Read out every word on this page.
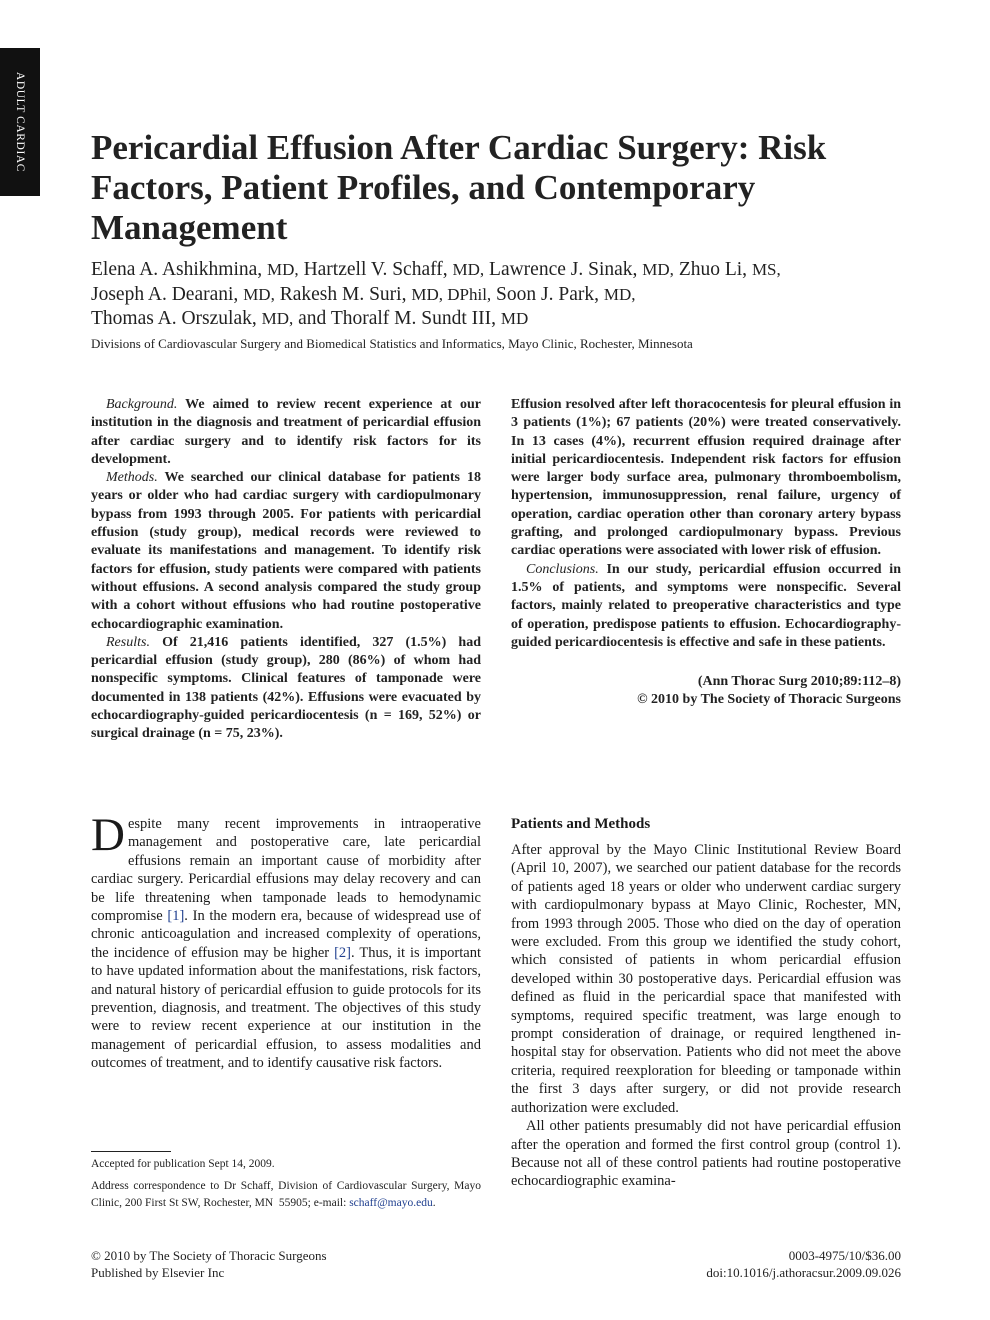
ADULT CARDIAC Pericardial Effusion After Cardiac Surgery: Risk Factors, Patient Profiles, and Contemporary Management

Elena A. Ashikhmina, MD, Hartzell V. Schaff, MD, Lawrence J. Sinak, MD, Zhuo Li, MS,
Joseph A. Dearani, MD, Rakesh M. Suri, MD, DPhil, Soon J. Park, MD,
Thomas A. Orszulak, MD, and Thoralf M. Sundt III, MD

Divisions of Cardiovascular Surgery and Biomedical Statistics and Informatics, Mayo Clinic, Rochester, Minnesota

Background. We aimed to review recent experience at our institution in the diagnosis and treatment of pericardial effusion after cardiac surgery and to identify risk factors for its development.

Methods. We searched our clinical database for patients 18 years or older who had cardiac surgery with cardiopulmonary bypass from 1993 through 2005. For patients with pericardial effusion (study group), medical records were reviewed to evaluate its manifestations and management. To identify risk factors for effusion, study patients were compared with patients without effusions. A second analysis compared the study group with a cohort without effusions who had routine postoperative echocardiographic examination.

Results. Of 21,416 patients identified, 327 (1.5%) had pericardial effusion (study group), 280 (86%) of whom had nonspecific symptoms. Clinical features of tamponade were documented in 138 patients (42%). Effusions were evacuated by echocardiography-guided pericardiocentesis (n = 169, 52%) or surgical drainage (n = 75, 23%).

Effusion resolved after left thoracocentesis for pleural effusion in 3 patients (1%); 67 patients (20%) were treated conservatively. In 13 cases (4%), recurrent effusion required drainage after initial pericardiocentesis. Independent risk factors for effusion were larger body surface area, pulmonary thromboembolism, hypertension, immunosuppression, renal failure, urgency of operation, cardiac operation other than coronary artery bypass grafting, and prolonged cardiopulmonary bypass. Previous cardiac operations were associated with lower risk of effusion.

Conclusions. In our study, pericardial effusion occurred in 1.5% of patients, and symptoms were nonspecific. Several factors, mainly related to preoperative characteristics and type of operation, predispose patients to effusion. Echocardiography-guided pericardiocentesis is effective and safe in these patients.

(Ann Thorac Surg 2010;89:112–8)

© 2010 by The Society of Thoracic Surgeons

Despite many recent improvements in intraoperative management and postoperative care, late pericardial effusions remain an important cause of morbidity after cardiac surgery. Pericardial effusions may delay recovery and can be life threatening when tamponade leads to hemodynamic compromise [1]. In the modern era, because of widespread use of chronic anticoagulation and increased complexity of operations, the incidence of effusion may be higher [2]. Thus, it is important to have updated information about the manifestations, risk factors, and natural history of pericardial effusion to guide protocols for its prevention, diagnosis, and treatment. The objectives of this study were to review recent experience at our institution in the management of pericardial effusion, to assess modalities and outcomes of treatment, and to identify causative risk factors.

Patients and Methods

After approval by the Mayo Clinic Institutional Review Board (April 10, 2007), we searched our patient database for the records of patients aged 18 years or older who underwent cardiac surgery with cardiopulmonary bypass at Mayo Clinic, Rochester, MN, from 1993 through 2005. Those who died on the day of operation were excluded. From this group we identified the study cohort, which consisted of patients in whom pericardial effusion developed within 30 postoperative days. Pericardial effusion was defined as fluid in the pericardial space that manifested with symptoms, required specific treatment, was large enough to prompt consideration of drainage, or required lengthened in-hospital stay for observation. Patients who did not meet the above criteria, required reexploration for bleeding or tamponade within the first 3 days after surgery, or did not provide research authorization were excluded.

All other patients presumably did not have pericardial effusion after the operation and formed the first control group (control 1). Because not all of these control patients had routine postoperative echocardiographic examina-

Accepted for publication Sept 14, 2009.

Address correspondence to Dr Schaff, Division of Cardiovascular Surgery, Mayo Clinic, 200 First St SW, Rochester, MN  55905; e-mail: schaff@mayo.edu.

© 2010 by The Society of Thoracic Surgeons
Published by Elsevier Inc

0003-4975/10/$36.00
doi:10.1016/j.athoracsur.2009.09.026
